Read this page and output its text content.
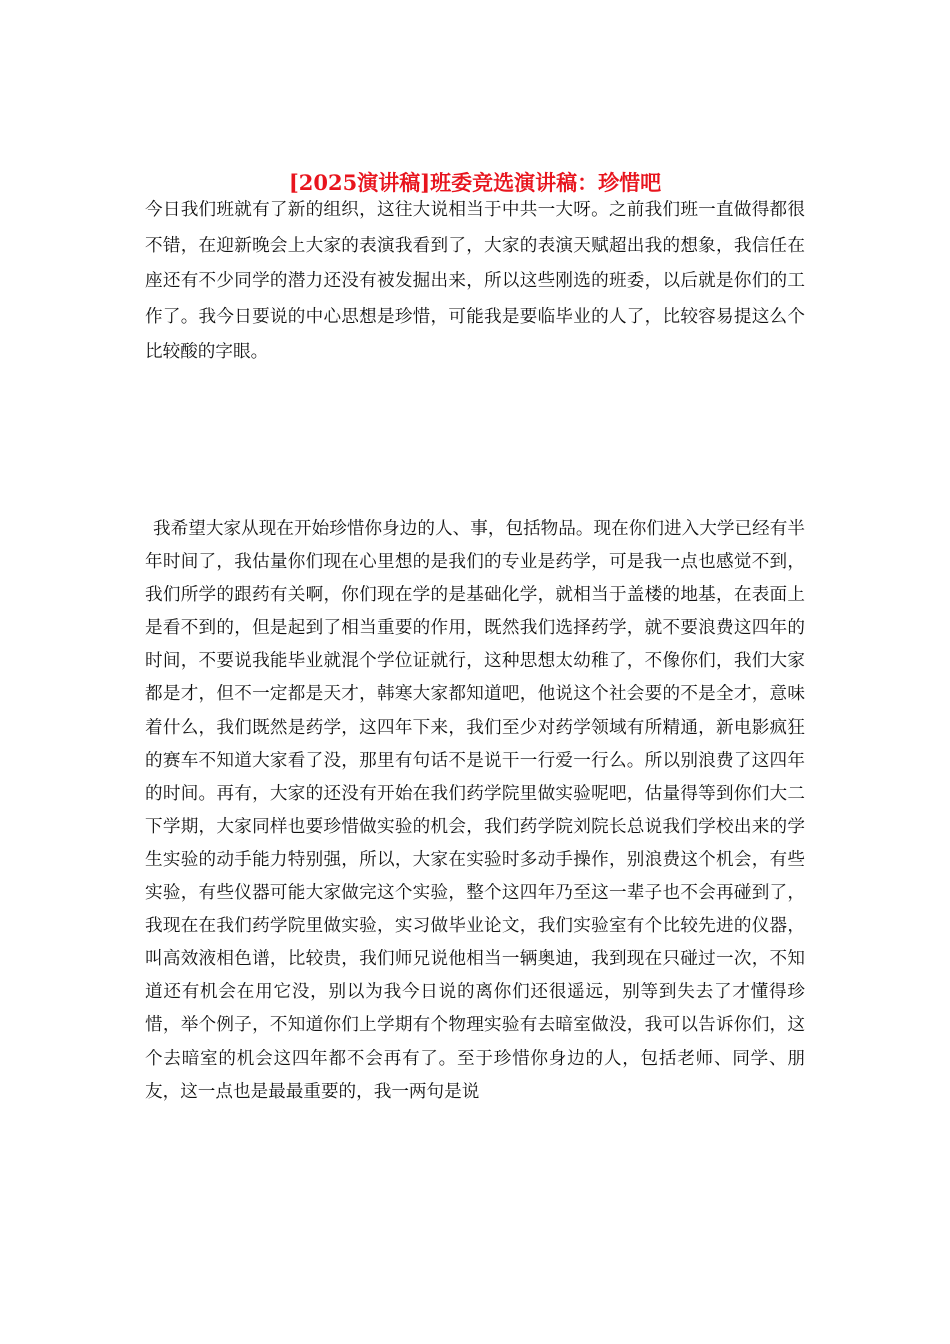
[2025演讲稿]班委竞选演讲稿：珍惜吧

今日我们班就有了新的组织，这往大说相当于中共一大呀。之前我们班一直做得都很不错，在迎新晚会上大家的表演我看到了，大家的表演天赋超出我的想象，我信任在座还有不少同学的潜力还没有被发掘出来，所以这些刚选的班委，以后就是你们的工作了。我今日要说的中心思想是珍惜，可能我是要临毕业的人了，比较容易提这么个比较酸的字眼。

我希望大家从现在开始珍惜你身边的人、事，包括物品。现在你们进入大学已经有半年时间了，我估量你们现在心里想的是我们的专业是药学，可是我一点也感觉不到，我们所学的跟药有关啊，你们现在学的是基础化学，就相当于盖楼的地基，在表面上是看不到的，但是起到了相当重要的作用，既然我们选择药学，就不要浪费这四年的时间，不要说我能毕业就混个学位证就行，这种思想太幼稚了，不像你们，我们大家都是才，但不一定都是天才，韩寒大家都知道吧，他说这个社会要的不是全才，意味着什么，我们既然是药学，这四年下来，我们至少对药学领域有所精通，新电影疯狂的赛车不知道大家看了没，那里有句话不是说干一行爱一行么。所以别浪费了这四年的时间。再有，大家的还没有开始在我们药学院里做实验呢吧，估量得等到你们大二下学期，大家同样也要珍惜做实验的机会，我们药学院刘院长总说我们学校出来的学生实验的动手能力特别强，所以，大家在实验时多动手操作，别浪费这个机会，有些实验，有些仪器可能大家做完这个实验，整个这四年乃至这一辈子也不会再碰到了，我现在在我们药学院里做实验，实习做毕业论文，我们实验室有个比较先进的仪器，叫高效液相色谱，比较贵，我们师兄说他相当一辆奥迪，我到现在只碰过一次，不知道还有机会在用它没，别以为我今日说的离你们还很遥远，别等到失去了才懂得珍惜，举个例子，不知道你们上学期有个物理实验有去暗室做没，我可以告诉你们，这个去暗室的机会这四年都不会再有了。至于珍惜你身边的人，包括老师、同学、朋友，这一点也是最最重要的，我一两句是说
